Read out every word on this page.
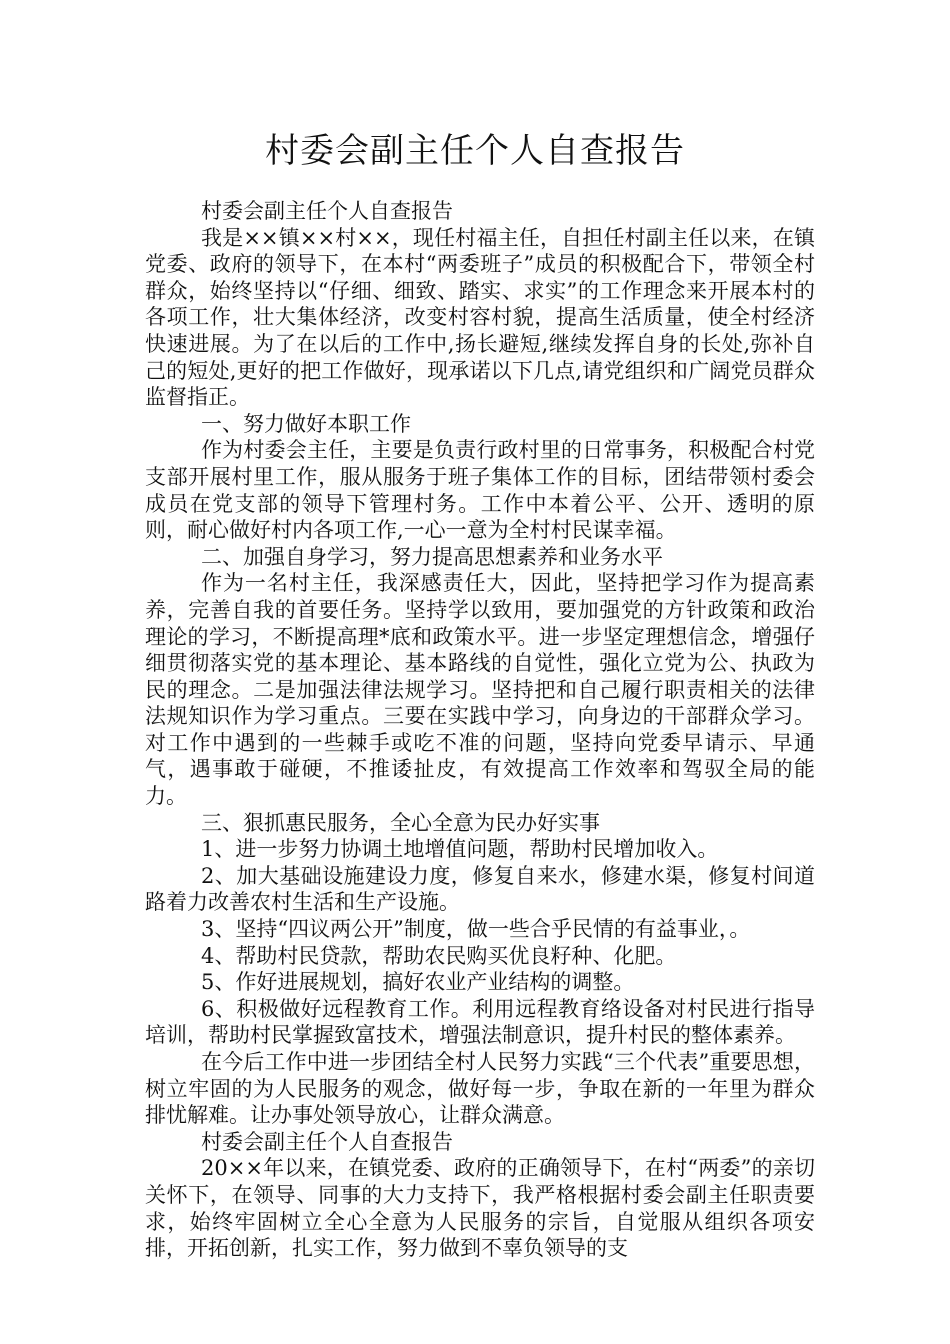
村委会副主任个人自查报告

村委会副主任个人自查报告

我是××镇××村××，现任村福主任，自担任村副主任以来，在镇党委、政府的领导下，在本村“两委班子”成员的积极配合下，带领全村群众，始终坚持以“仔细、细致、踏实、求实”的工作理念来开展本村的各项工作，壮大集体经济，改变村容村貌，提高生活质量，使全村经济快速进展。为了在以后的工作中,扬长避短,继续发挥自身的长处,弥补自己的短处,更好的把工作做好，现承诺以下几点,请党组织和广阔党员群众监督指正。

一、努力做好本职工作

作为村委会主任，主要是负责行政村里的日常事务，积极配合村党支部开展村里工作，服从服务于班子集体工作的目标，团结带领村委会成员在党支部的领导下管理村务。工作中本着公平、公开、透明的原则，耐心做好村内各项工作,一心一意为全村村民谋幸福。

二、加强自身学习，努力提高思想素养和业务水平

作为一名村主任，我深感责任大，因此，坚持把学习作为提高素养，完善自我的首要任务。坚持学以致用，要加强党的方针政策和政治理论的学习，不断提高理*底和政策水平。进一步坚定理想信念，增强仔细贯彻落实党的基本理论、基本路线的自觉性，强化立党为公、执政为民的理念。二是加强法律法规学习。坚持把和自己履行职责相关的法律法规知识作为学习重点。三要在实践中学习，向身边的干部群众学习。对工作中遇到的一些棘手或吃不准的问题，坚持向党委早请示、早通气，遇事敢于碰硬，不推诿扯皮，有效提高工作效率和驾驭全局的能力。

三、狠抓惠民服务，全心全意为民办好实事

1、进一步努力协调土地增值问题，帮助村民增加收入。

2、加大基础设施建设力度，修复自来水，修建水渠，修复村间道路着力改善农村生活和生产设施。

3、坚持“四议两公开”制度，做一些合乎民情的有益事业，。

4、帮助村民贷款，帮助农民购买优良籽种、化肥。

5、作好进展规划，搞好农业产业结构的调整。

6、积极做好远程教育工作。利用远程教育络设备对村民进行指导培训，帮助村民掌握致富技术，增强法制意识，提升村民的整体素养。

在今后工作中进一步团结全村人民努力实践“三个代表”重要思想，树立牢固的为人民服务的观念，做好每一步，争取在新的一年里为群众排忧解难。让办事处领导放心，让群众满意。

村委会副主任个人自查报告

20××年以来，在镇党委、政府的正确领导下，在村“两委”的亲切关怀下，在领导、同事的大力支持下，我严格根据村委会副主任职责要求，始终牢固树立全心全意为人民服务的宗旨，自觉服从组织各项安排，开拓创新，扎实工作，努力做到不辜负领导的支
